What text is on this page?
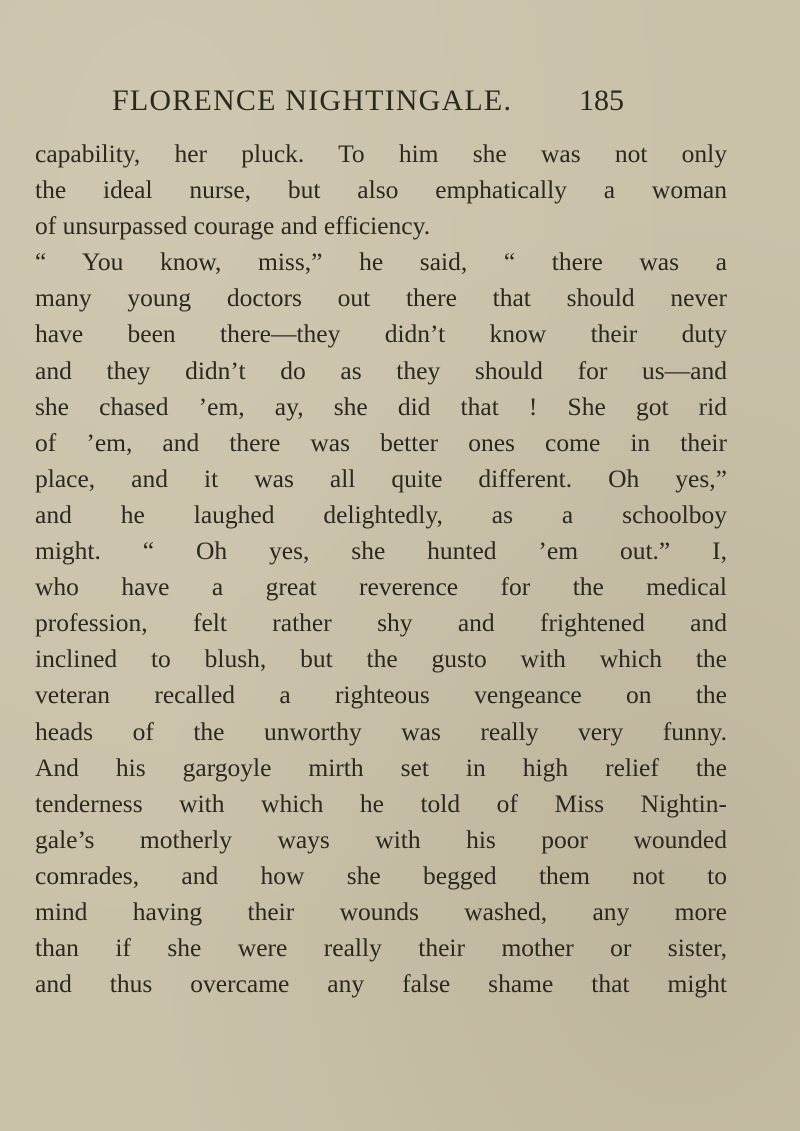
FLORENCE NIGHTINGALE. 185
capability, her pluck. To him she was not only
the ideal nurse, but also emphatically a woman
of unsurpassed courage and efficiency.
“ You know, miss,” he said, “ there was a
many young doctors out there that should never
have been there—they didn’t know their duty
and they didn’t do as they should for us—and
she chased ’em, ay, she did that ! She got rid
of ’em, and there was better ones come in their
place, and it was all quite different. Oh yes,”
and he laughed delightedly, as a schoolboy
might. “ Oh yes, she hunted ’em out.” I,
who have a great reverence for the medical
profession, felt rather shy and frightened and
inclined to blush, but the gusto with which the
veteran recalled a righteous vengeance on the
heads of the unworthy was really very funny.
And his gargoyle mirth set in high relief the
tenderness with which he told of Miss Nightin-
gale’s motherly ways with his poor wounded
comrades, and how she begged them not to
mind having their wounds washed, any more
than if she were really their mother or sister,
and thus overcame any false shame that might
